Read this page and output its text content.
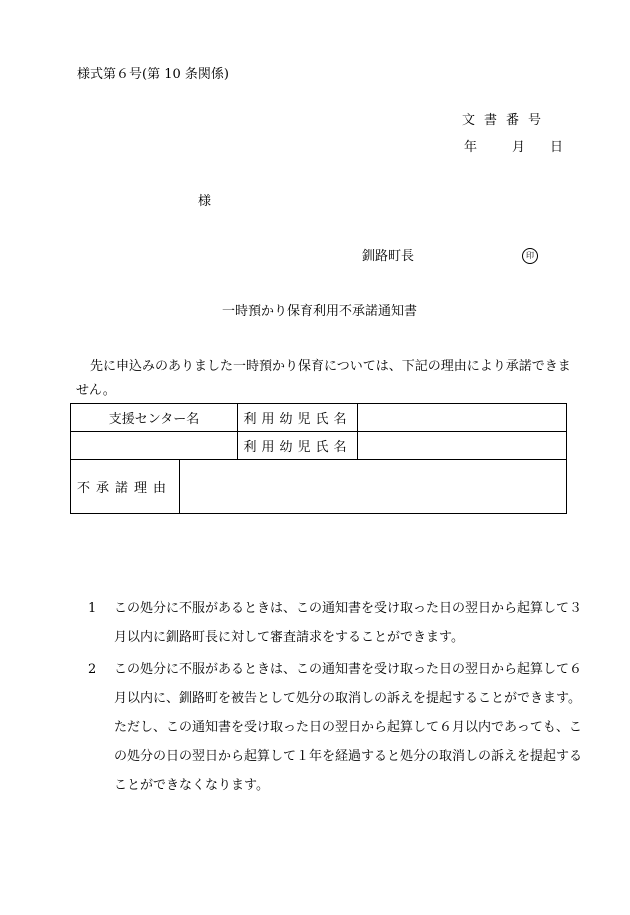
様式第６号(第 10 条関係)
文書番号
年	月 日
様
釧路町長	印
一時預かり保育利用不承諾通知書
先に申込みのありました一時預かり保育については、下記の理由により承諾できません。
支援センター名		利用幼児氏名	
		利用幼児氏名	
不承諾理由			
1	この処分に不服があるときは、この通知書を受け取った日の翌日から起算して３月以内に釧路町長に対して審査請求をすることができます。
2	この処分に不服があるときは、この通知書を受け取った日の翌日から起算して６月以内に、釧路町を被告として処分の取消しの訴えを提起することができます。ただし、この通知書を受け取った日の翌日から起算して６月以内であっても、この処分の日の翌日から起算して１年を経過すると処分の取消しの訴えを提起することができなくなります。
